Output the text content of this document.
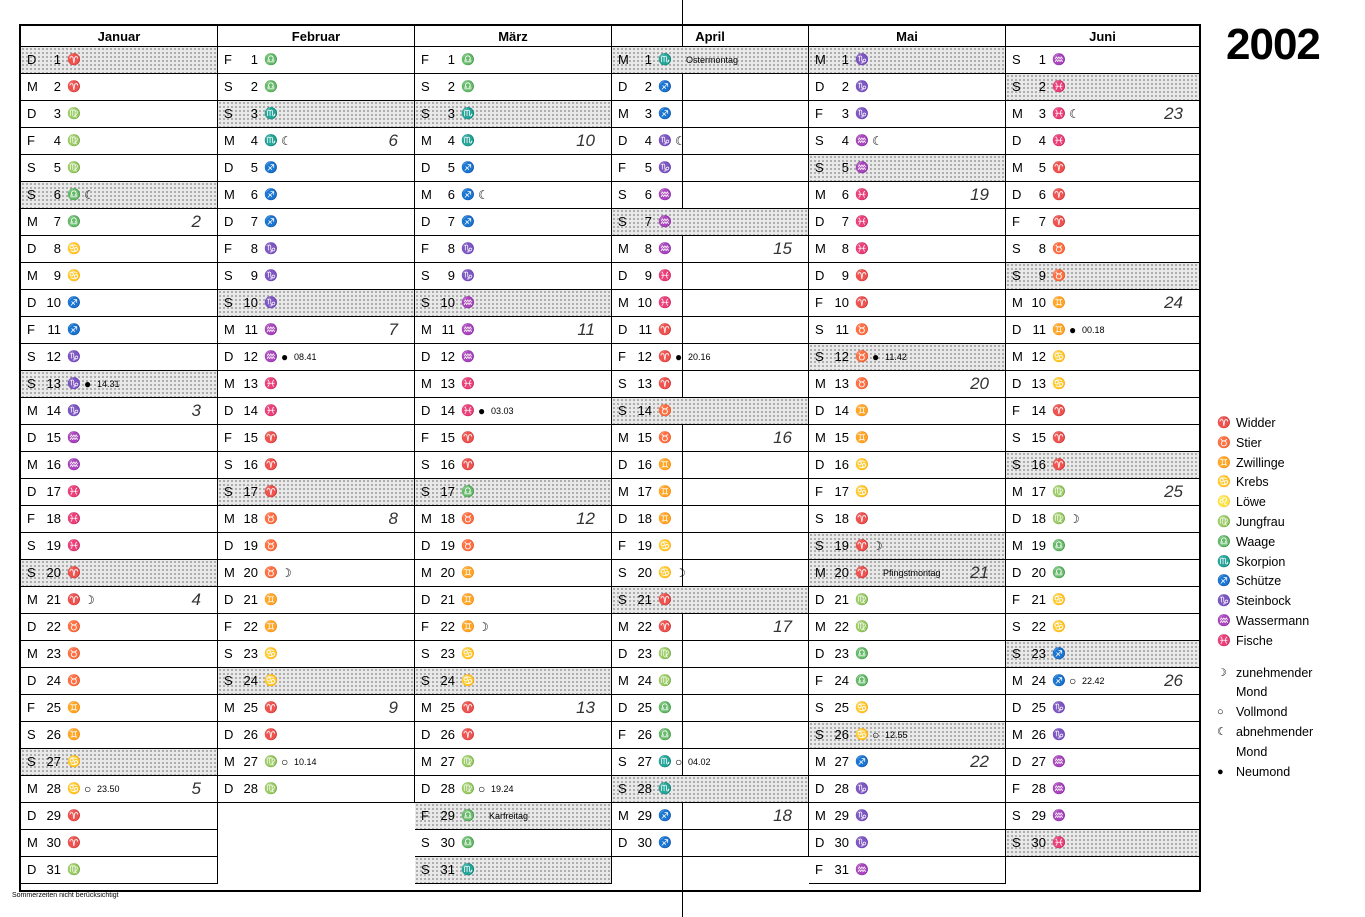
Januar
D	1 ♈
M	2 ♈
D	3 ♍
F	4 ♍
S	5 ♍
S	6 ♎ ☾
M	7 ♎	2
D	8 ♋
M	9 ♋
D 10 ♐
F 11 ♐
S 12 ♑
S 13 ♑ ● 14.31
M 14 ♑	3
D 15 ♒
M 16 ♒
D 17 ♓
F 18 ♓
S 19 ♓
S 20 ♈
M 21 ♈ ☽	4
D 22 ♉
M 23 ♉
D 24 ♉
F 25 ♊
S 26 ♊
S 27 ♋
M 28 ♋ ○ 23.50	5
D 29 ♈
M 30 ♈
D 31 ♍
Februar
F	1 ♎
S	2 ♎
S	3 ♏
M	4 ♏ ☾	6
D	5 ♐
M	6 ♐
D	7 ♐
F	8 ♑
S	9 ♑
S 10 ♑
M 11 ♒	7
D 12 ♒ ● 08.41
M 13 ♓
D 14 ♓
F 15 ♈
S 16 ♈
S 17 ♈
M 18 ♉	8
D 19 ♉
M 20 ♉ ☽
D 21 ♊
F 22 ♊
S 23 ♋
S 24 ♋
M 25 ♈	9
D 26 ♈
M 27 ♍ ○ 10.14
D 28 ♍
März
F	1 ♎
S	2 ♎
S	3 ♏
M	4 ♏	10
D	5 ♐
M	6 ♐ ☾
D	7 ♐
F	8 ♑
S	9 ♑
S 10 ♒
M 11 ♒	11
D 12 ♒
M 13 ♓
D 14 ♓ ● 03.03
F 15 ♈
S 16 ♈
S 17 ♎
M 18 ♉	12
D 19 ♉
M 20 ♊
D 21 ♊
F 22 ♊ ☽
S 23 ♋
S 24 ♋
M 25 ♈	13
D 26 ♈
M 27 ♍
D 28 ♍ ○ 19.24
F 29 ♎ Karfreitag
S 30 ♎
S 31 ♏
April
M	1 ♏ Ostermontag
D	2 ♐
M	3 ♐
D	4 ♑ ☾
F	5 ♑
S	6 ♒
S	7 ♒
M	8 ♒	15
D	9 ♓
M 10 ♓
D 11 ♈
F 12 ♈ ● 20.16
S 13 ♈
S 14 ♉
M 15 ♉	16
D 16 ♊
M 17 ♊
D 18 ♊
F 19 ♋
S 20 ♋ ☽
S 21 ♈
M 22 ♈	17
D 23 ♍
M 24 ♍
D 25 ♎
F 26 ♎
S 27 ♏ ○ 04.02
S 28 ♏
M 29 ♐	18
D 30 ♐
Mai
M	1 ♑
D	2 ♑
F	3 ♑
S	4 ♒ ☾
S	5 ♒
M	6 ♓	19
D	7 ♓
M	8 ♓
D	9 ♈
F 10 ♈
S 11 ♉
S 12 ♉ ● 11.42
M 13 ♉	20
D 14 ♊
M 15 ♊
D 16 ♋
F 17 ♋
S 18 ♈
S 19 ♈ ☽
M 20 ♈ Pfingstmontag 21
D 21 ♍
M 22 ♍
D 23 ♎
F 24 ♎
S 25 ♋
S 26 ♋ ○ 12.55
M 27 ♐	22
D 28 ♑
M 29 ♑
D 30 ♑
F 31 ♒
Juni
S	1 ♒
S	2 ♓
M	3 ♓ ☾	23
D	4 ♓
M	5 ♈
D	6 ♈
F	7 ♈
S	8 ♉
S	9 ♉
M 10 ♊	24
D 11 ♊ ● 00.18
M 12 ♋
D 13 ♋
F 14 ♈
S 15 ♈
S 16 ♈
M 17 ♍	25
D 18 ♍ ☽
M 19 ♎
D 20 ♎
F 21 ♋
S 22 ♋
S 23 ♐
M 24 ♐ ○ 22.42	26
D 25 ♑
M 26 ♑
D 27 ♒
F 28 ♒
S 29 ♒
S 30 ♓
2002
♈ Widder
♉ Stier
♊ Zwillinge
♋ Krebs
♌ Löwe
♍ Jungfrau
♎ Waage
♏ Skorpion
♐ Schütze
♑ Steinbock
♒ Wassermann
♓ Fische
☽ zunehmender
Mond
○ Vollmond
☾ abnehmender
Mond
● Neumond
Sommerzeiten nicht berücksichtigt
